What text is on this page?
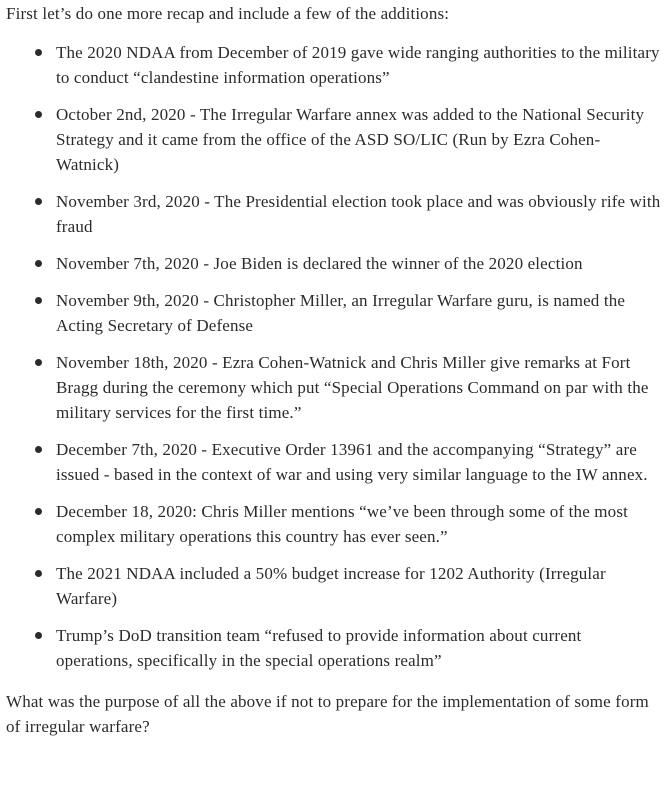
First let’s do one more recap and include a few of the additions:

The 2020 NDAA from December of 2019 gave wide ranging authorities to the military to conduct “clandestine information operations”
October 2nd, 2020 - The Irregular Warfare annex was added to the National Security Strategy and it came from the office of the ASD SO/LIC (Run by Ezra Cohen-Watnick)
November 3rd, 2020 - The Presidential election took place and was obviously rife with fraud
November 7th, 2020 - Joe Biden is declared the winner of the 2020 election
November 9th, 2020 - Christopher Miller, an Irregular Warfare guru, is named the Acting Secretary of Defense
November 18th, 2020 - Ezra Cohen-Watnick and Chris Miller give remarks at Fort Bragg during the ceremony which put “Special Operations Command on par with the military services for the first time.”
December 7th, 2020 - Executive Order 13961 and the accompanying “Strategy” are issued - based in the context of war and using very similar language to the IW annex.
December 18, 2020: Chris Miller mentions “we’ve been through some of the most complex military operations this country has ever seen.”
The 2021 NDAA included a 50% budget increase for 1202 Authority (Irregular Warfare)
Trump’s DoD transition team “refused to provide information about current operations, specifically in the special operations realm”

What was the purpose of all the above if not to prepare for the implementation of some form of irregular warfare?
